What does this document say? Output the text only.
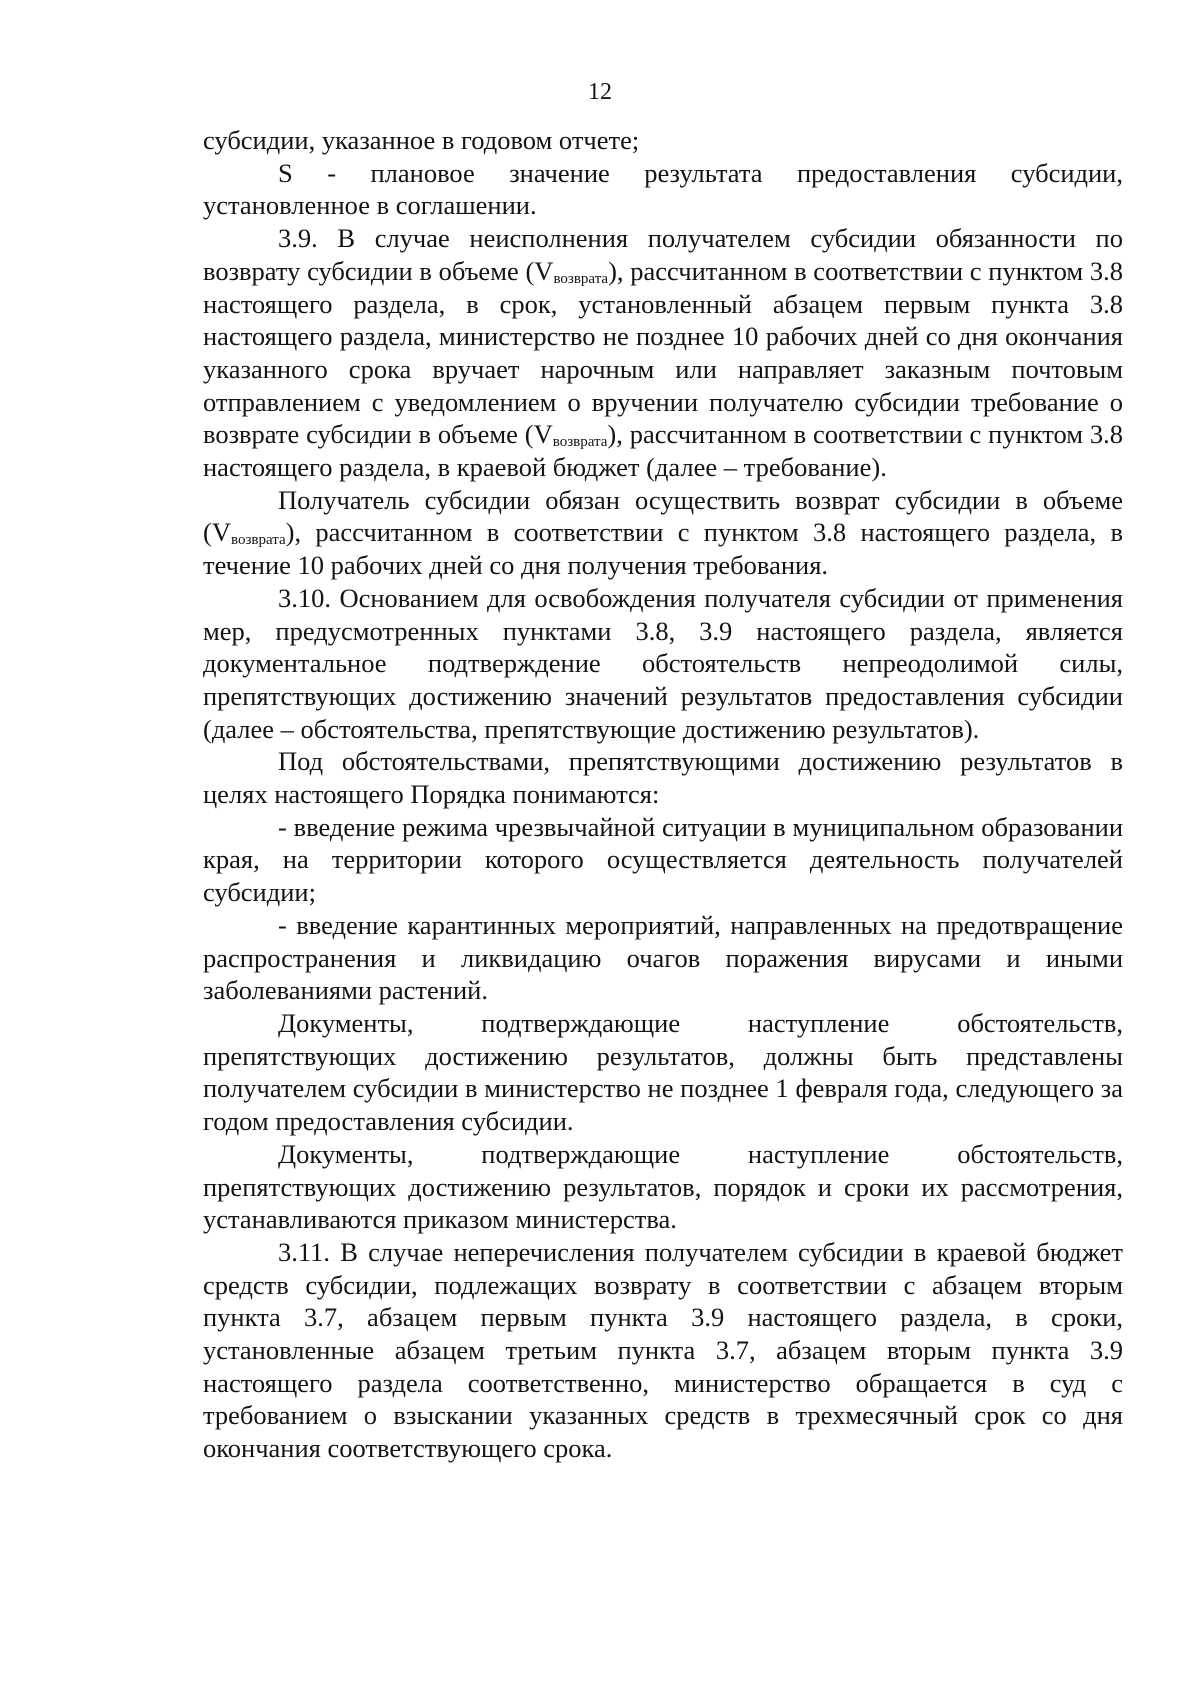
12

субсидии, указанное в годовом отчете;

S - плановое значение результата предоставления субсидии, установленное в соглашении.

3.9. В случае неисполнения получателем субсидии обязанности по возврату субсидии в объеме $(V_{возврата})$, рассчитанном в соответствии с пунктом 3.8 настоящего раздела, в срок, установленный абзацем первым пункта 3.8 настоящего раздела, министерство не позднее 10 рабочих дней со дня окончания указанного срока вручает нарочным или направляет заказным почтовым отправлением с уведомлением о вручении получателю субсидии требование о возврате субсидии в объеме $(V_{возврата})$, рассчитанном в соответствии с пунктом 3.8 настоящего раздела, в краевой бюджет (далее – требование).

Получатель субсидии обязан осуществить возврат субсидии в объеме $(V_{возврата})$, рассчитанном в соответствии с пунктом 3.8 настоящего раздела, в течение 10 рабочих дней со дня получения требования.

3.10. Основанием для освобождения получателя субсидии от применения мер, предусмотренных пунктами 3.8, 3.9 настоящего раздела, является документальное подтверждение обстоятельств непреодолимой силы, препятствующих достижению значений результатов предоставления субсидии (далее – обстоятельства, препятствующие достижению результатов).

Под обстоятельствами, препятствующими достижению результатов в целях настоящего Порядка понимаются:

- введение режима чрезвычайной ситуации в муниципальном образовании края, на территории которого осуществляется деятельность получателей субсидии;

- введение карантинных мероприятий, направленных на предотвращение распространения и ликвидацию очагов поражения вирусами и иными заболеваниями растений.

Документы, подтверждающие наступление обстоятельств, препятствующих достижению результатов, должны быть представлены получателем субсидии в министерство не позднее 1 февраля года, следующего за годом предоставления субсидии.

Документы, подтверждающие наступление обстоятельств, препятствующих достижению результатов, порядок и сроки их рассмотрения, устанавливаются приказом министерства.

3.11. В случае неперечисления получателем субсидии в краевой бюджет средств субсидии, подлежащих возврату в соответствии с абзацем вторым пункта 3.7, абзацем первым пункта 3.9 настоящего раздела, в сроки, установленные абзацем третьим пункта 3.7, абзацем вторым пункта 3.9 настоящего раздела соответственно, министерство обращается в суд с требованием о взыскании указанных средств в трехмесячный срок со дня окончания соответствующего срока.
